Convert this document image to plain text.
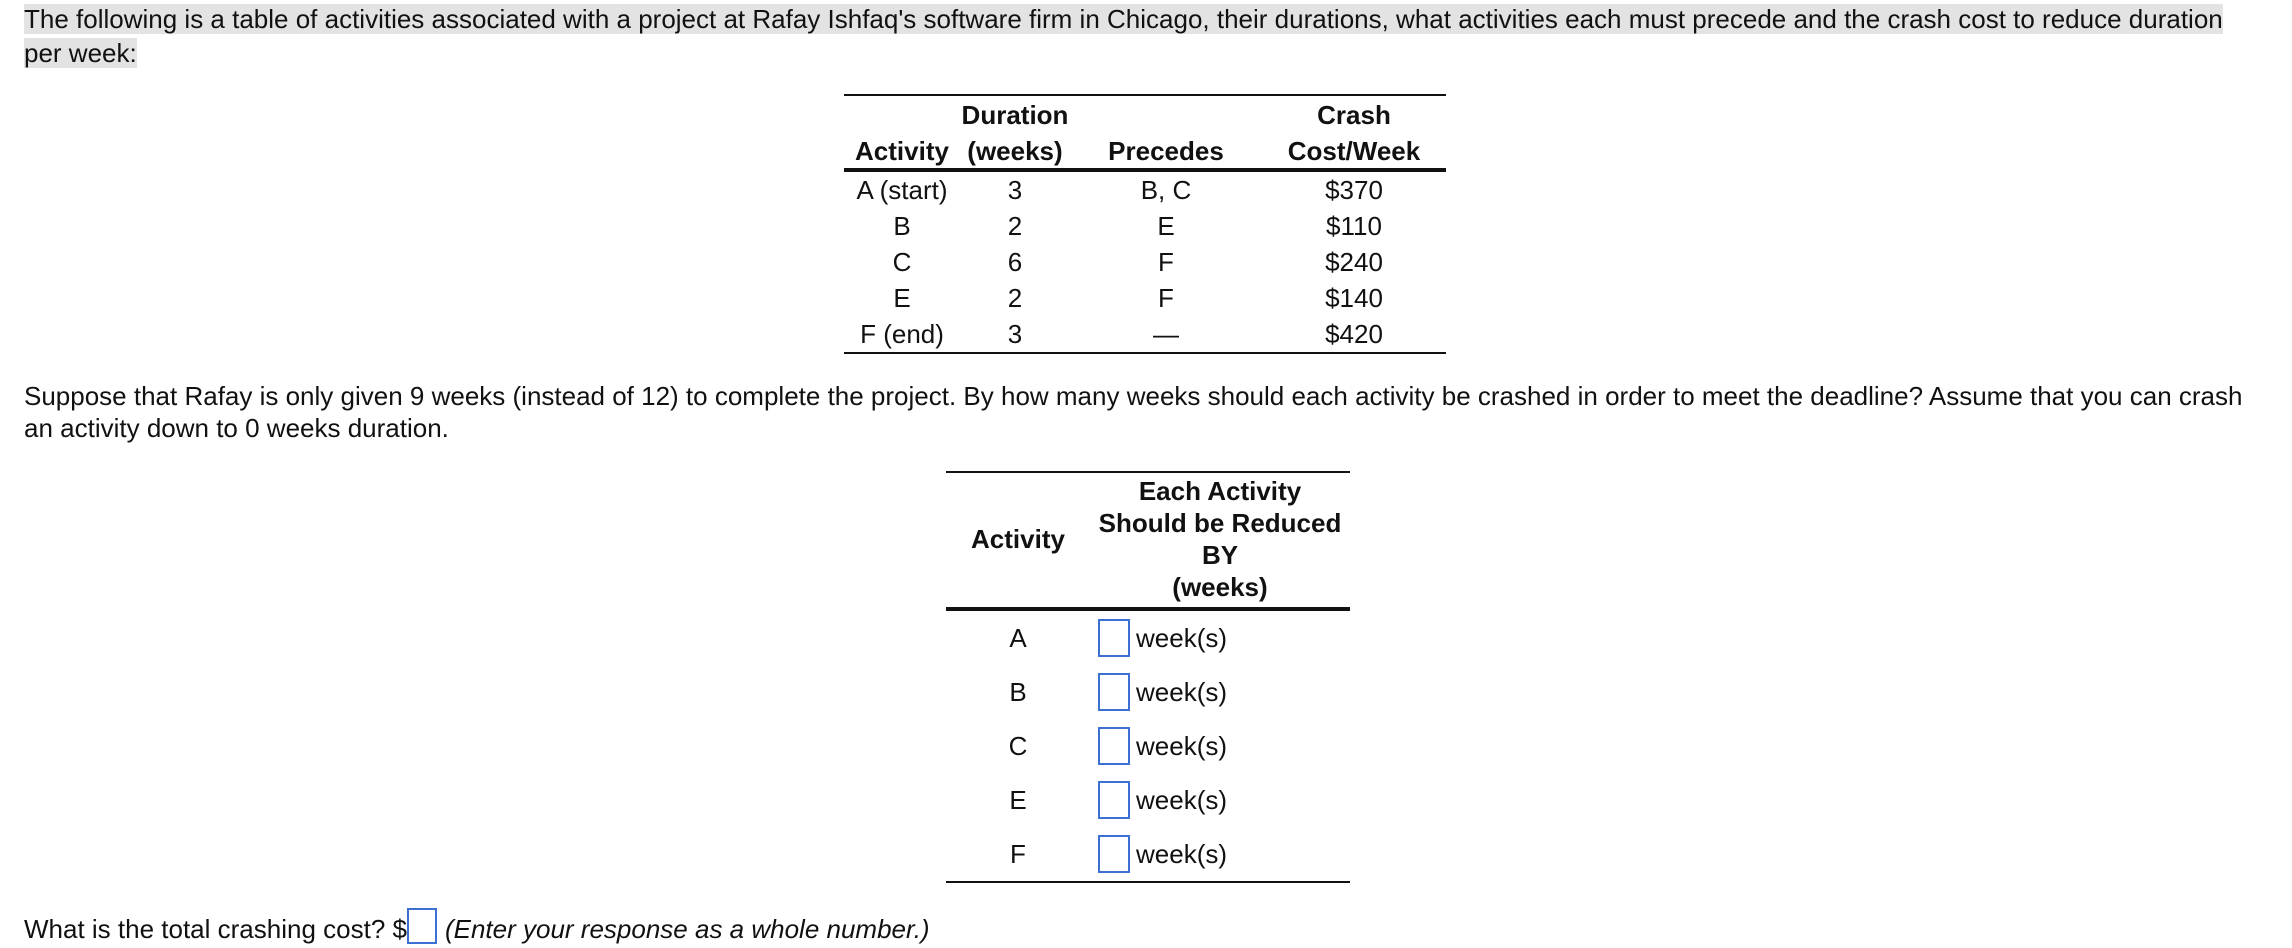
The following is a table of activities associated with a project at Rafay Ishfaq's software firm in Chicago, their durations, what activities each must precede and the crash cost to reduce duration per week:

	Duration		Crash
Activity	(weeks)	Precedes	Cost/Week
A (start)	3	B, C	$370
B	2	E	$110
C	6	F	$240
E	2	F	$140
F (end)	3	—	$420

Suppose that Rafay is only given 9 weeks (instead of 12) to complete the project. By how many weeks should each activity be crashed in order to meet the deadline? Assume that you can crash an activity down to 0 weeks duration.

Activity	Each Activity
Should be Reduced
BY
(weeks)

A	week(s)
B	week(s)
C	week(s)
E	week(s)
F	week(s)
What is the total crashing cost? $ (Enter your response as a whole number.)
